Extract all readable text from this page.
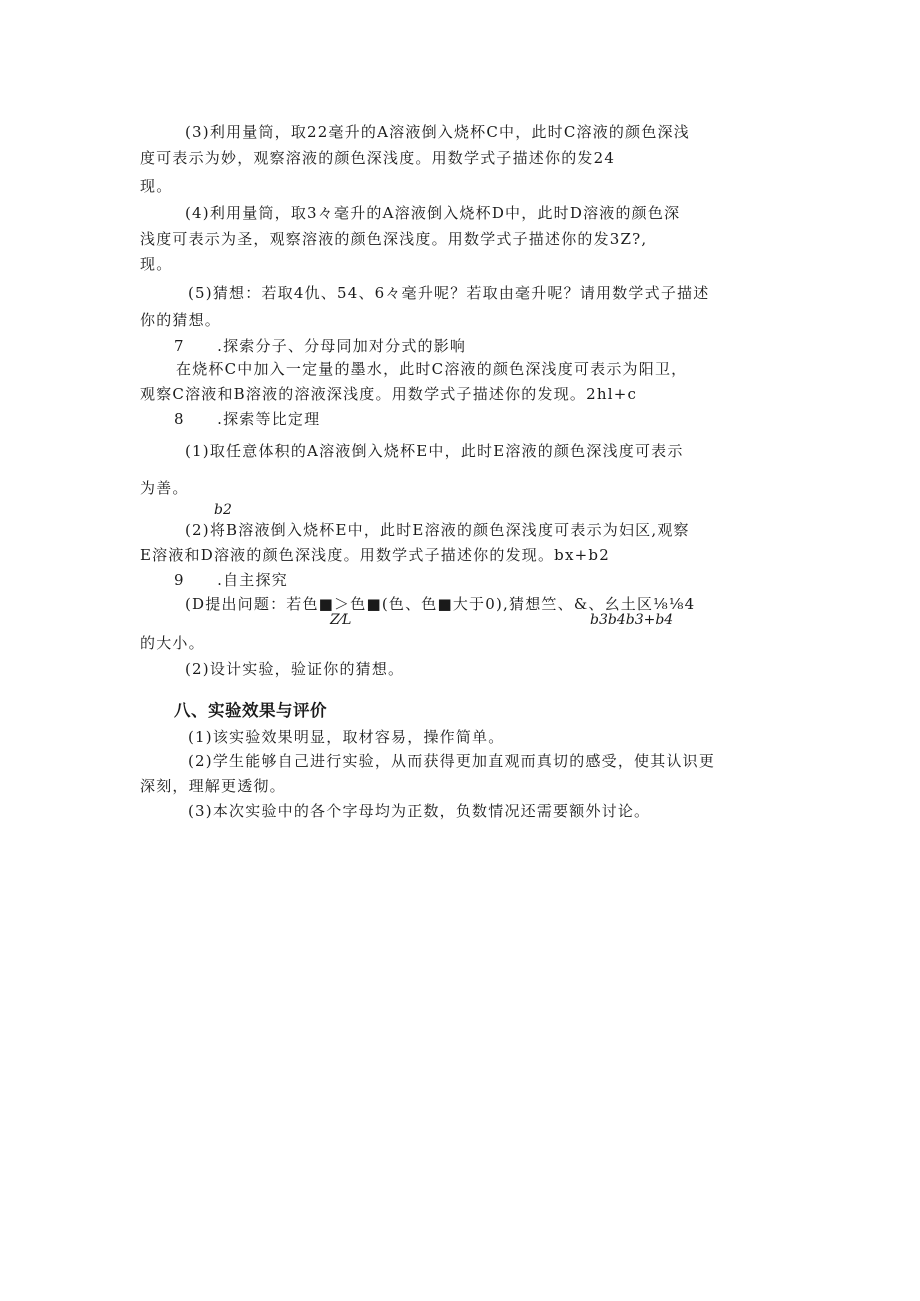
(3)利用量筒，取22毫升的A溶液倒入烧杯C中，此时C溶液的颜色深浅
度可表示为妙，观察溶液的颜色深浅度。用数学式子描述你的发24
现。
(4)利用量筒，取3々毫升的A溶液倒入烧杯D中，此时D溶液的颜色深
浅度可表示为圣，观察溶液的颜色深浅度。用数学式子描述你的发3Z?,
现。
(5)猜想：若取4仇、54、6々毫升呢？若取由毫升呢？请用数学式子描述
你的猜想。
7　　.探索分子、分母同加对分式的影响
在烧杯C中加入一定量的墨水，此时C溶液的颜色深浅度可表示为阳卫，
观察C溶液和B溶液的溶液深浅度。用数学式子描述你的发现。2hl+c
8　　.探索等比定理
(1)取任意体积的A溶液倒入烧杯E中，此时E溶液的颜色深浅度可表示
为善。
b2
(2)将B溶液倒入烧杯E中，此时E溶液的颜色深浅度可表示为妇区,观察
E溶液和D溶液的颜色深浅度。用数学式子描述你的发现。bx+b2
9　　.自主探究
(D提出问题：若色■＞色■(色、色■大于0),猜想竺、&、幺土区⅛⅛4
Z⁄L	b3b4b3+b4
的大小。
(2)设计实验，验证你的猜想。
八、实验效果与评价
(1)该实验效果明显，取材容易，操作简单。
(2)学生能够自己进行实验，从而获得更加直观而真切的感受，使其认识更
深刻，理解更透彻。
(3)本次实验中的各个字母均为正数，负数情况还需要额外讨论。
